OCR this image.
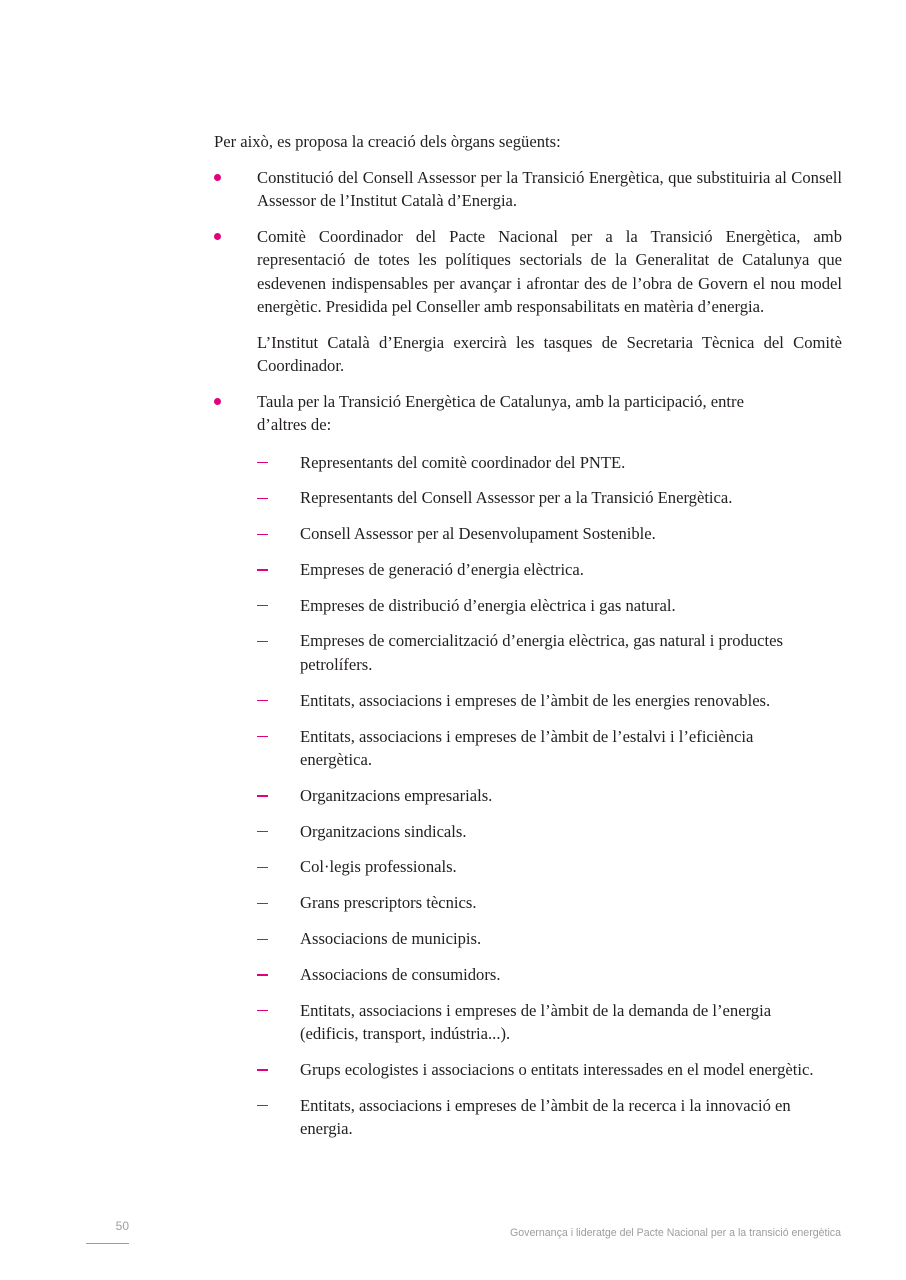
Per això, es proposa la creació dels òrgans següents:

Constitució del Consell Assessor per la Transició Energètica, que substituiria al Consell Assessor de l’Institut Català d’Energia.

Comitè Coordinador del Pacte Nacional per a la Transició Energètica, amb representació de totes les polítiques sectorials de la Generalitat de Catalunya que esdevenen indispensables per avançar i afrontar des de l’obra de Govern el nou model energètic. Presidida pel Conseller amb responsabilitats en matèria d’energia.

L’Institut Català d’Energia exercirà les tasques de Secretaria Tècnica del Comitè Coordinador.

Taula per la Transició Energètica de Catalunya, amb la participació, entre d’altres de:

Representants del comitè coordinador del PNTE.
Representants del Consell Assessor per a la Transició Energètica.
Consell Assessor per al Desenvolupament Sostenible.
Empreses de generació d’energia elèctrica.
Empreses de distribució d’energia elèctrica i gas natural.
Empreses de comercialització d’energia elèctrica, gas natural i productes petrolífers.
Entitats, associacions i empreses de l’àmbit de les energies renovables.
Entitats, associacions i empreses de l’àmbit de l’estalvi i l’eficiència energètica.
Organitzacions empresarials.
Organitzacions sindicals.
Col·legis professionals.
Grans prescriptors tècnics.
Associacions de municipis.
Associacions de consumidors.
Entitats, associacions i empreses de l’àmbit de la demanda de l’energia (edificis, transport, indústria...).
Grups ecologistes i associacions o entitats interessades en el model energètic.
Entitats, associacions i empreses de l’àmbit de la recerca i la innovació en energia.
50	Governança i lideratge del Pacte Nacional per a la transició energètica
